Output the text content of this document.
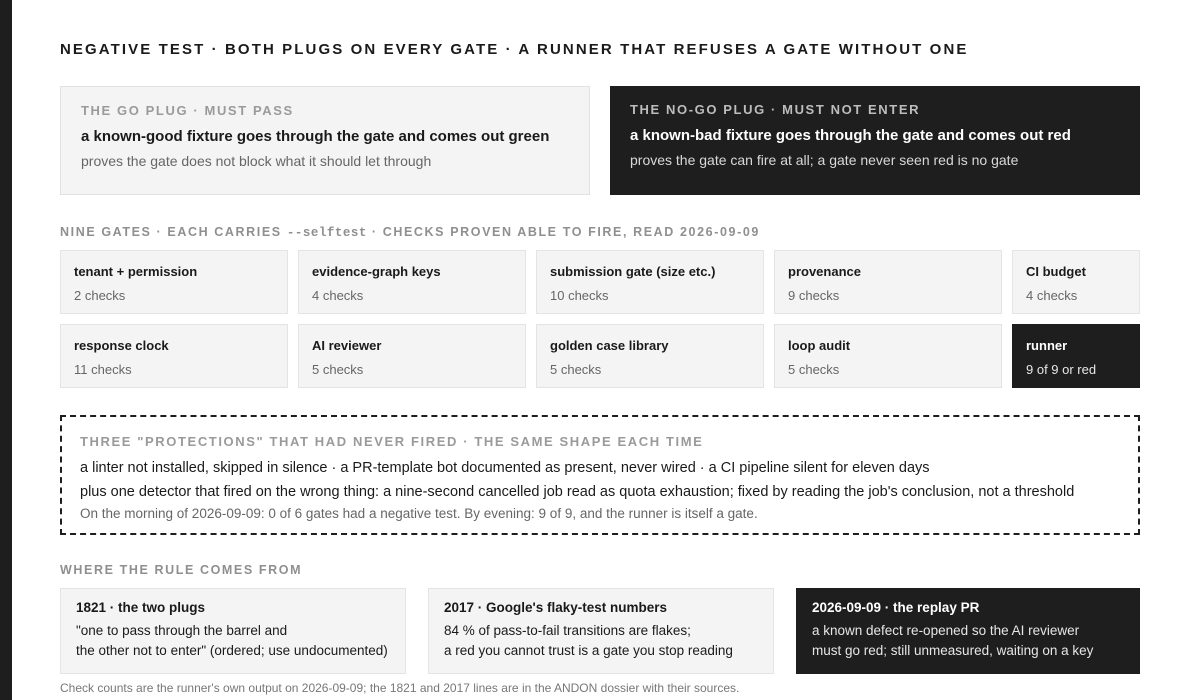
NEGATIVE TEST · BOTH PLUGS ON EVERY GATE · A RUNNER THAT REFUSES A GATE WITHOUT ONE
THE GO PLUG · MUST PASS
a known-good fixture goes through the gate and comes out green
proves the gate does not block what it should let through
THE NO-GO PLUG · MUST NOT ENTER
a known-bad fixture goes through the gate and comes out red
proves the gate can fire at all; a gate never seen red is no gate
NINE GATES · EACH CARRIES --selftest · CHECKS PROVEN ABLE TO FIRE, READ 2026-09-09
tenant + permission
2 checks
evidence-graph keys
4 checks
submission gate (size etc.)
10 checks
provenance
9 checks
CI budget
4 checks
response clock
11 checks
AI reviewer
5 checks
golden case library
5 checks
loop audit
5 checks
runner
9 of 9 or red
THREE "PROTECTIONS" THAT HAD NEVER FIRED · THE SAME SHAPE EACH TIME
a linter not installed, skipped in silence · a PR-template bot documented as present, never wired · a CI pipeline silent for eleven days
plus one detector that fired on the wrong thing: a nine-second cancelled job read as quota exhaustion; fixed by reading the job's conclusion, not a threshold
On the morning of 2026-09-09: 0 of 6 gates had a negative test. By evening: 9 of 9, and the runner is itself a gate.
WHERE THE RULE COMES FROM
1821 · the two plugs
"one to pass through the barrel and
the other not to enter" (ordered; use undocumented)
2017 · Google's flaky-test numbers
84 % of pass-to-fail transitions are flakes;
a red you cannot trust is a gate you stop reading
2026-09-09 · the replay PR
a known defect re-opened so the AI reviewer
must go red; still unmeasured, waiting on a key
Check counts are the runner's own output on 2026-09-09; the 1821 and 2017 lines are in the ANDON dossier with their sources.
